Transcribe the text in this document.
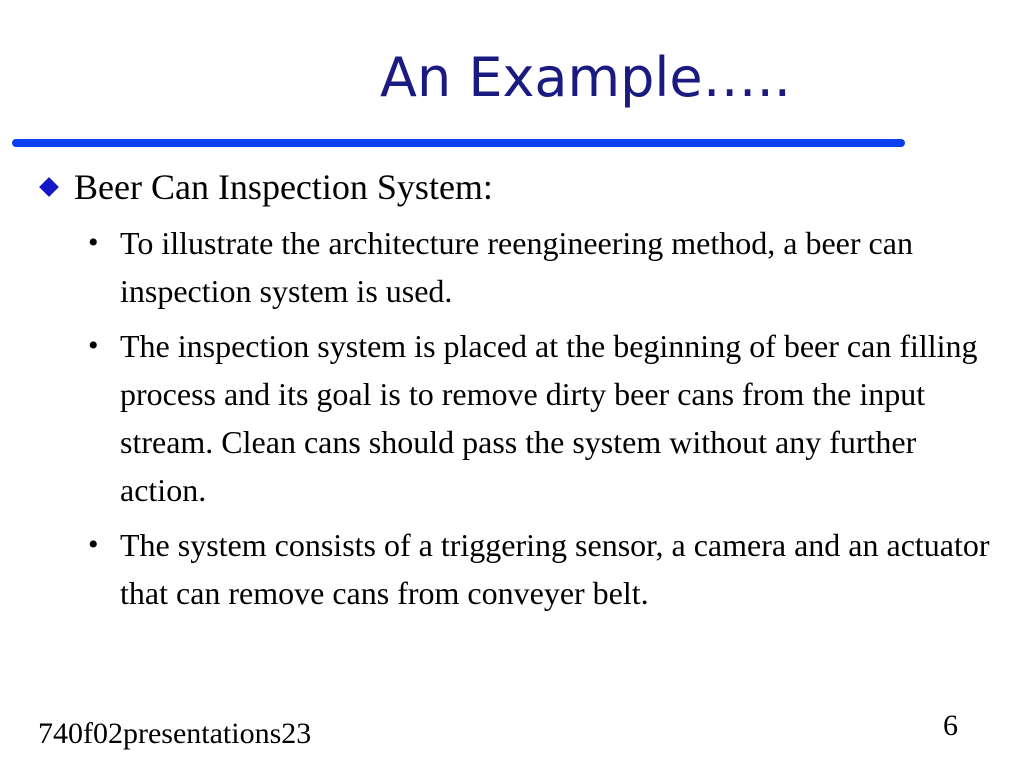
An Example…..
Beer Can Inspection System:
• To illustrate the architecture reengineering method, a beer can inspection system is used.
• The inspection system is placed at the beginning of beer can filling process and its goal is to remove dirty beer cans from the input stream. Clean cans should pass the system without any further action.
• The system consists of a triggering sensor, a camera and an actuator that can remove cans from conveyer belt.
740f02presentations23	6
